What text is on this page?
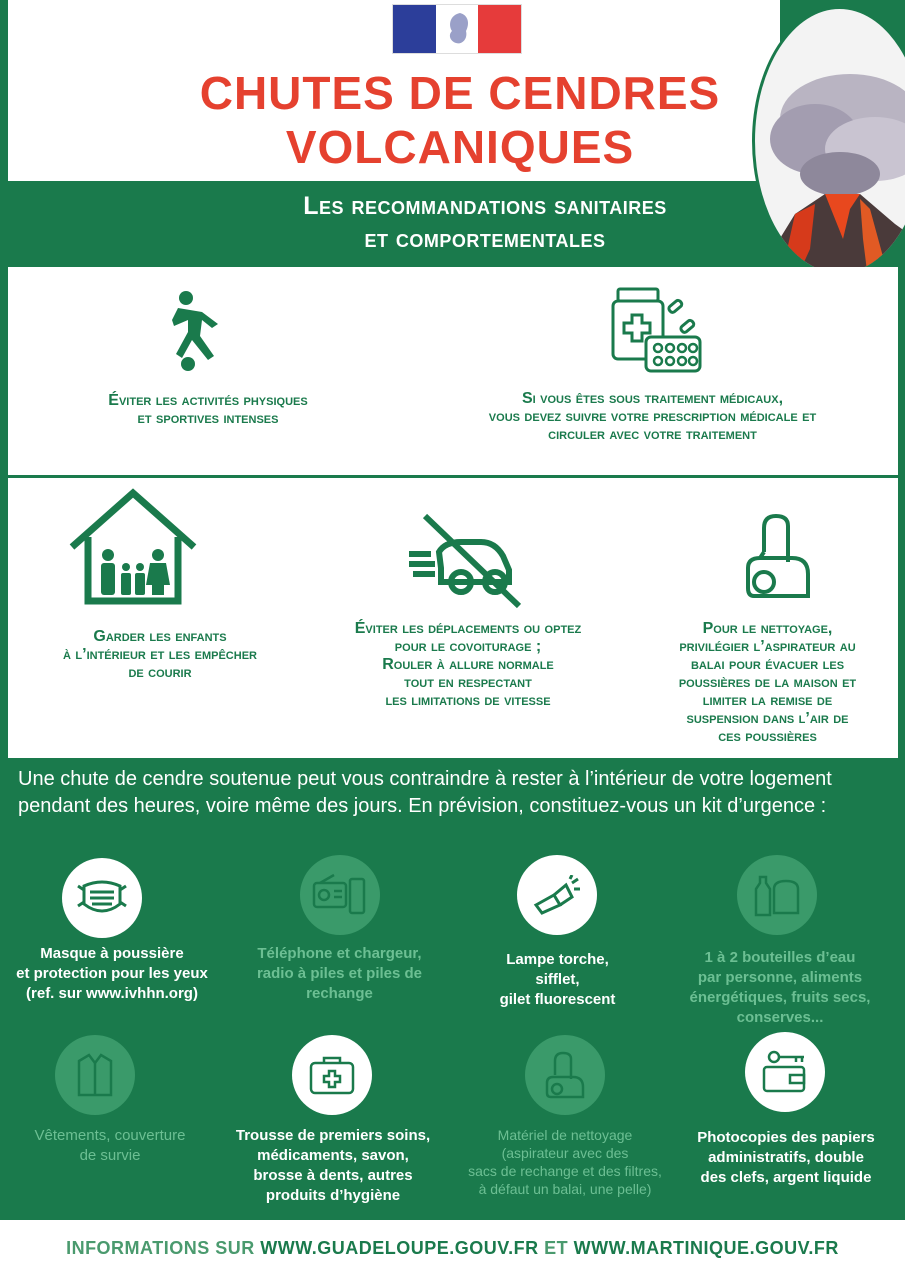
CHUTES DE CENDRES
VOLCANIQUES
Les recommandations sanitaires
et comportementales
Éviter les activités physiques
et sportives intenses
Si vous êtes sous traitement médicaux,
vous devez suivre votre prescription médicale et
circuler avec votre traitement
Garder les enfants
à l’intérieur et les empêcher
de courir
Éviter les déplacements ou optez
pour le covoiturage ;
Rouler à allure normale
tout en respectant
les limitations de vitesse
Pour le nettoyage,
privilégier l’aspirateur au
balai pour évacuer les
poussières de la maison et
limiter la remise de
suspension dans l’air de
ces poussières
Une chute de cendre soutenue peut vous contraindre à rester à l’intérieur de votre logement pendant des heures, voire même des jours. En prévision, constituez-vous un kit d’urgence :
Masque à poussière
et protection pour les yeux
(ref. sur www.ivhhn.org)
Téléphone et chargeur,
radio à piles et piles de
rechange
Lampe torche,
sifflet,
gilet fluorescent
1 à 2 bouteilles d’eau
par personne, aliments
énergétiques, fruits secs,
conserves...
Vêtements, couverture
de survie
Trousse de premiers soins,
médicaments, savon,
brosse à dents, autres
produits d’hygiène
Matériel de nettoyage
(aspirateur avec des
sacs de rechange et des filtres,
à défaut un balai, une pelle)
Photocopies des papiers
administratifs, double
des clefs, argent liquide
INFORMATIONS SUR WWW.GUADELOUPE.GOUV.FR ET WWW.MARTINIQUE.GOUV.FR
